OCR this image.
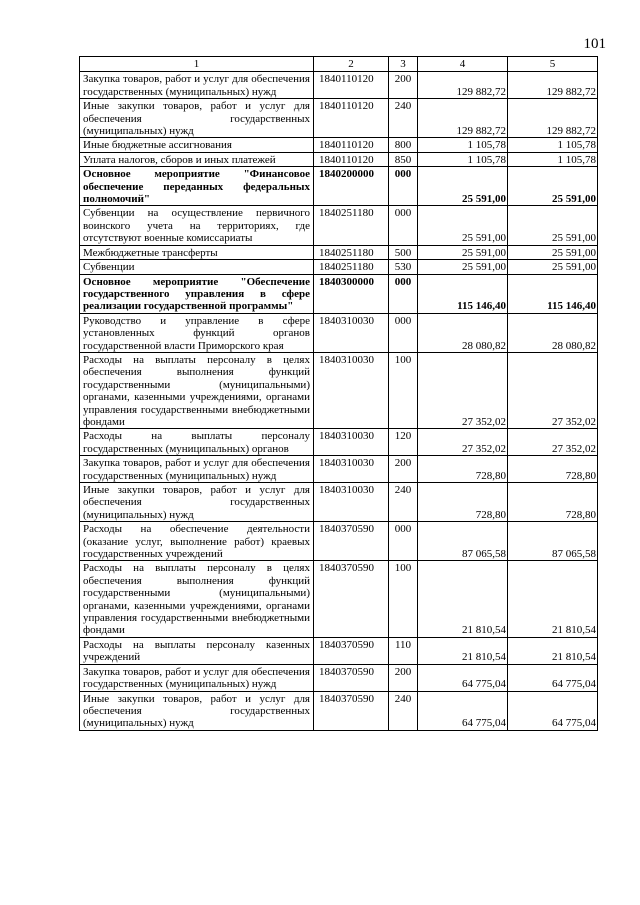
101
1	2	3	4	5
Закупка товаров, работ и услуг для обеспечения государственных (муниципальных) нужд	1840110120	200	129 882,72	129 882,72
Иные закупки товаров, работ и услуг для обеспечения государственных (муниципальных) нужд	1840110120	240	129 882,72	129 882,72
Иные бюджетные ассигнования	1840110120	800	1 105,78	1 105,78
Уплата налогов, сборов и иных платежей	1840110120	850	1 105,78	1 105,78
Основное мероприятие "Финансовое обеспечение переданных федеральных полномочий"	1840200000	000	25 591,00	25 591,00
Субвенции на осуществление первичного воинского учета на территориях, где отсутствуют военные комиссариаты	1840251180	000	25 591,00	25 591,00
Межбюджетные трансферты	1840251180	500	25 591,00	25 591,00
Субвенции	1840251180	530	25 591,00	25 591,00
Основное мероприятие "Обеспечение государственного управления в сфере реализации государственной программы"	1840300000	000	115 146,40	115 146,40
Руководство и управление в сфере установленных функций органов государственной власти Приморского края	1840310030	000	28 080,82	28 080,82
Расходы на выплаты персоналу в целях обеспечения выполнения функций государственными (муниципальными) органами, казенными учреждениями, органами управления государственными внебюджетными фондами	1840310030	100	27 352,02	27 352,02
Расходы на выплаты персоналу государственных (муниципальных) органов	1840310030	120	27 352,02	27 352,02
Закупка товаров, работ и услуг для обеспечения государственных (муниципальных) нужд	1840310030	200	728,80	728,80
Иные закупки товаров, работ и услуг для обеспечения государственных (муниципальных) нужд	1840310030	240	728,80	728,80
Расходы на обеспечение деятельности (оказание услуг, выполнение работ) краевых государственных учреждений	1840370590	000	87 065,58	87 065,58
Расходы на выплаты персоналу в целях обеспечения выполнения функций государственными (муниципальными) органами, казенными учреждениями, органами управления государственными внебюджетными фондами	1840370590	100	21 810,54	21 810,54
Расходы на выплаты персоналу казенных учреждений	1840370590	110	21 810,54	21 810,54
Закупка товаров, работ и услуг для обеспечения государственных (муниципальных) нужд	1840370590	200	64 775,04	64 775,04
Иные закупки товаров, работ и услуг для обеспечения государственных (муниципальных) нужд	1840370590	240	64 775,04	64 775,04
